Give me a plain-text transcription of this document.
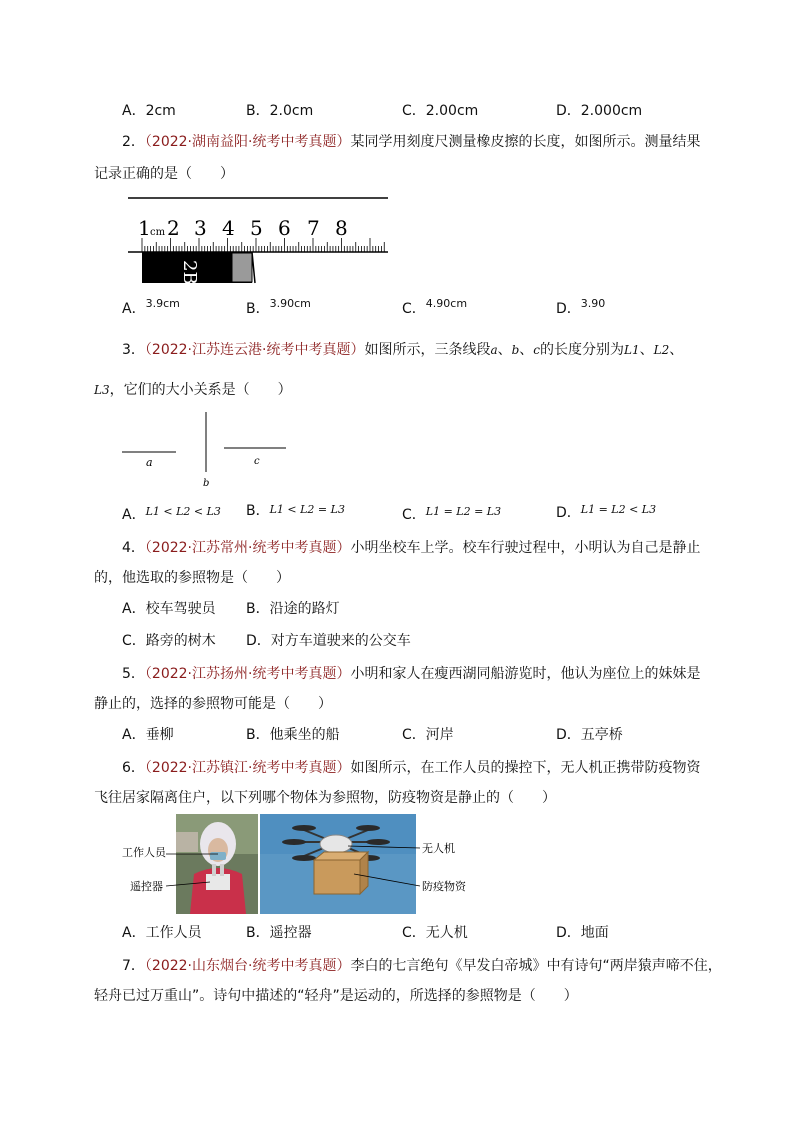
A．2cm	B．2.0cm	C．2.00cm	D．2.000cm
2．（2022·湖南益阳·统考中考真题）某同学用刻度尺测量橡皮擦的长度，如图所示。测量结果
记录正确的是（　　）
1 cm 2 3 4 5 6 7 8
2B
A．$^{3.9cm}$	B．$^{3.90cm}$	C．$^{4.90cm}$	D．$^{3.90}$
3．（2022·江苏连云港·统考中考真题）如图所示，三条线段a、b、c的长度分别为L1、L2、
L3，它们的大小关系是（　　）
a
b
c
A．$^{L1 < L2 < L3}$ B．L1 < L2 = L3	C．$^{L1 = L2 = L3}$	D．$^{L1 = L2 < L3}$
4．（2022·江苏常州·统考中考真题）小明坐校车上学。校车行驶过程中，小明认为自己是静止
的，他选取的参照物是（　　）
A．校车驾驶员 B．沿途的路灯
C．路旁的树木 D．对方车道驶来的公交车
5．（2022·江苏扬州·统考中考真题）小明和家人在瘦西湖同船游览时，他认为座位上的妹妹是
静止的，选择的参照物可能是（　　）
A．垂柳	B．他乘坐的船	C．河岸	D．五亭桥
6．（2022·江苏镇江·统考中考真题）如图所示，在工作人员的操控下，无人机正携带防疫物资
飞往居家隔离住户，以下列哪个物体为参照物，防疫物资是静止的（　　）
工作人员
遥控器
无人机
防疫物资
A．工作人员	B．遥控器	C．无人机	D．地面
7．（2022·山东烟台·统考中考真题）李白的七言绝句《早发白帝城》中有诗句“两岸猿声啼不住，
轻舟已过万重山”。诗句中描述的“轻舟”是运动的，所选择的参照物是（　　）
